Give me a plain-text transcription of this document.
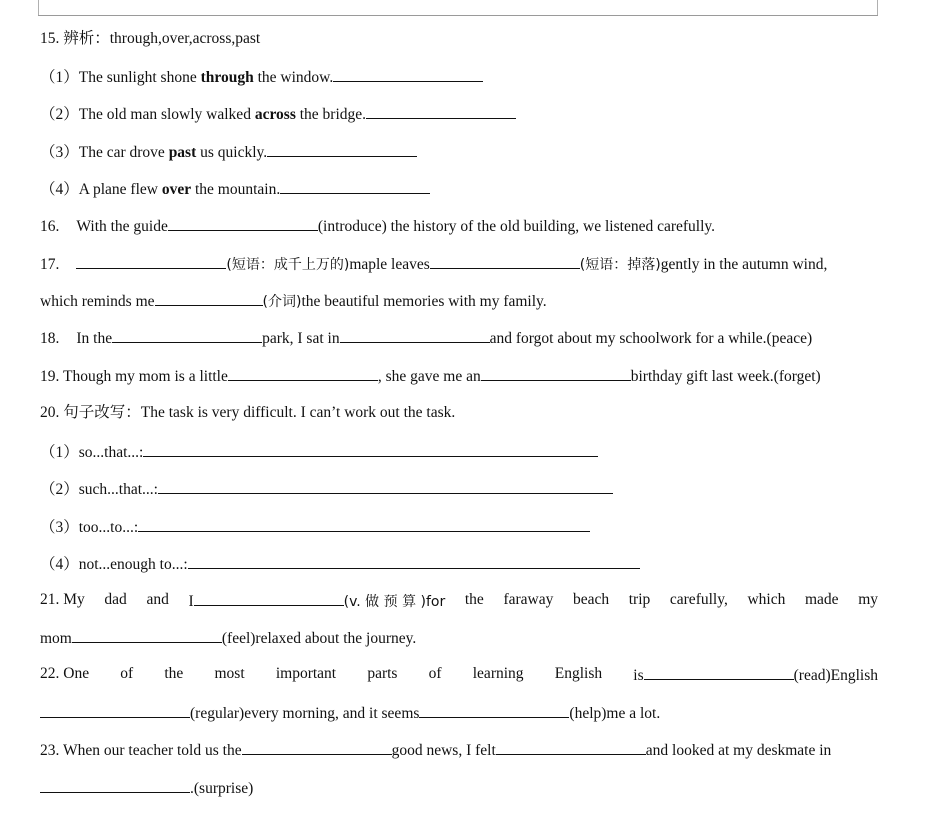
15. 辨析：through,over,across,past
（1）The sunlight shone through the window.
（2）The old man slowly walked across the bridge.
（3）The car drove past us quickly.
（4）A plane flew over the mountain.
16. With the guide	(introduce) the history of the old building, we listened carefully.
17.	(短语：成千上万的)maple leaves	(短语：掉落)gently in the autumn wind,
which reminds me	(介词)the beautiful memories with my family.
18. In the	park, I sat in	and forgot about my schoolwork for a while.(peace)
19. Though my mom is a little	, she gave me an	birthday gift last week.(forget)
20. 句子改写：The task is very difficult. I can’t work out the task.
（1）so...that...:
（2）such...that...:
（3）too...to...:
（4）not...enough to...:
21. My dad and I	(v. 做 预 算 )for the faraway beach trip carefully, which made my
mom	(feel)relaxed about the journey.
22. One of the most important parts of learning English is	(read)English
(regular)every morning, and it seems	(help)me a lot.
23. When our teacher told us the	good news, I felt	and looked at my deskmate in
.(surprise)
